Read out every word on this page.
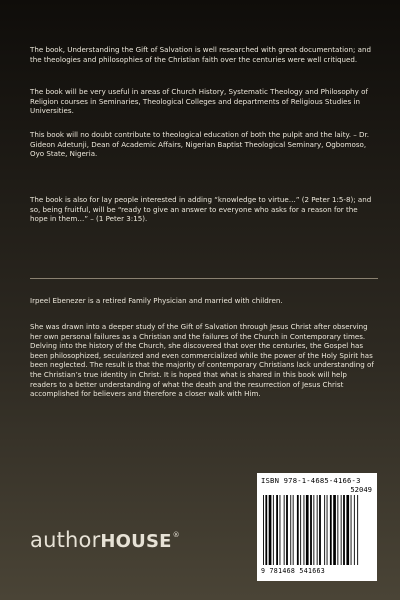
The book, Understanding the Gift of Salvation is well researched with great documentation; and the theologies and philosophies of the Christian faith over the centuries were well critiqued.

The book will be very useful in areas of Church History, Systematic Theology and Philosophy of Religion courses in Seminaries, Theological Colleges and departments of Religious Studies in Universities.

This book will no doubt contribute to theological education of both the pulpit and the laity. – Dr. Gideon Adetunji, Dean of Academic Affairs, Nigerian Baptist Theological Seminary, Ogbomoso, Oyo State, Nigeria.

The book is also for lay people interested in adding “knowledge to virtue…” (2 Peter 1:5-8); and so, being fruitful, will be “ready to give an answer to everyone who asks for a reason for the hope in them…” – (1 Peter 3:15).

Irpeel Ebenezer is a retired Family Physician and married with children.

She was drawn into a deeper study of the Gift of Salvation through Jesus Christ after observing her own personal failures as a Christian and the failures of the Church in Contemporary times. Delving into the history of the Church, she discovered that over the centuries, the Gospel has been philosophized, secularized and even commercialized while the power of the Holy Spirit has been neglected. The result is that the majority of contemporary Christians lack understanding of the Christian’s true identity in Christ. It is hoped that what is shared in this book will help readers to a better understanding of what the death and the resurrection of Jesus Christ accomplished for believers and therefore a closer walk with Him.

authorHOUSE®
ISBN 978-1-4685-4166-3
52049
9 781468 541663
